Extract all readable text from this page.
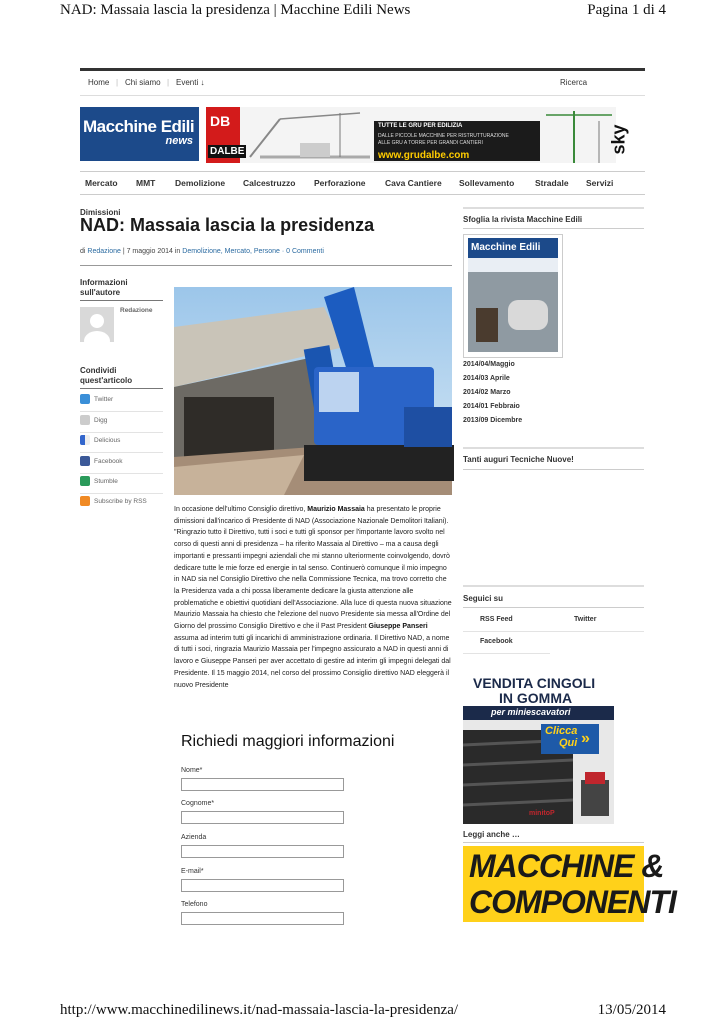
NAD: Massaia lascia la presidenza | Macchine Edili News	Pagina 1 di 4
Home | Chi siamo | Eventi ↓	Ricerca
Macchine Edili
news
DB
DALBE
TUTTE LE GRU PER EDILIZIA
DALLE PICCOLE MACCHINE PER RISTRUTTURAZIONE
ALLE GRU A TORRE PER GRANDI CANTIERI
www.grudalbe.com
sky
Mercato MMT Demolizione Calcestruzzo Perforazione Cava Cantiere Sollevamento Stradale Servizi
Dimissioni
NAD: Massaia lascia la presidenza
di Redazione | 7 maggio 2014 in Demolizione, Mercato, Persone · 0 Commenti
Informazioni sull'autore
Redazione
Condividi quest'articolo
Twitter
Digg
Delicious
Facebook
Stumble
Subscribe by RSS
In occasione dell'ultimo Consiglio direttivo, Maurizio Massaia ha presentato le proprie dimissioni dall'incarico di Presidente di NAD (Associazione Nazionale Demolitori Italiani).
"Ringrazio tutto il Direttivo, tutti i soci e tutti gli sponsor per l'importante lavoro svolto nel corso di questi anni di presidenza – ha riferito Massaia al Direttivo – ma a causa degli importanti e pressanti impegni aziendali che mi stanno ulteriormente coinvolgendo, dovrò dedicare tutte le mie forze ed energie in tal senso. Continuerò comunque il mio impegno in NAD sia nel Consiglio Direttivo che nella Commissione Tecnica, ma trovo corretto che la Presidenza vada a chi possa liberamente dedicare la giusta attenzione alle problematiche e obiettivi quotidiani dell'Associazione. Alla luce di questa nuova situazione Maurizio Massaia ha chiesto che l'elezione del nuovo Presidente sia messa all'Ordine del Giorno del prossimo Consiglio Direttivo e che il Past President Giuseppe Panseri assuma ad interim tutti gli incarichi di amministrazione ordinaria. Il Direttivo NAD, a nome di tutti i soci, ringrazia Maurizio Massaia per l'impegno assicurato a NAD in questi anni di lavoro e Giuseppe Panseri per aver accettato di gestire ad interim gli impegni delegati dal Presidente. Il 15 maggio 2014, nel corso del prossimo Consiglio direttivo NAD eleggerà il nuovo Presidente
Richiedi maggiori informazioni
Nome*
Cognome*
Azienda
E-mail*
Telefono
Sfoglia la rivista Macchine Edili
Macchine Edili
2014/04/Maggio
2014/03 Aprile
2014/02 Marzo
2014/01 Febbraio
2013/09 Dicembre
Tanti auguri Tecniche Nuove!
Seguici su
RSS Feed	Twitter
Facebook
VENDITA CINGOLI
IN GOMMA
per miniescavatori
Clicca
Qui »
minitoP
Leggi anche …
MACCHINE &
COMPONENTI
http://www.macchinedilinews.it/nad-massaia-lascia-la-presidenza/	13/05/2014
